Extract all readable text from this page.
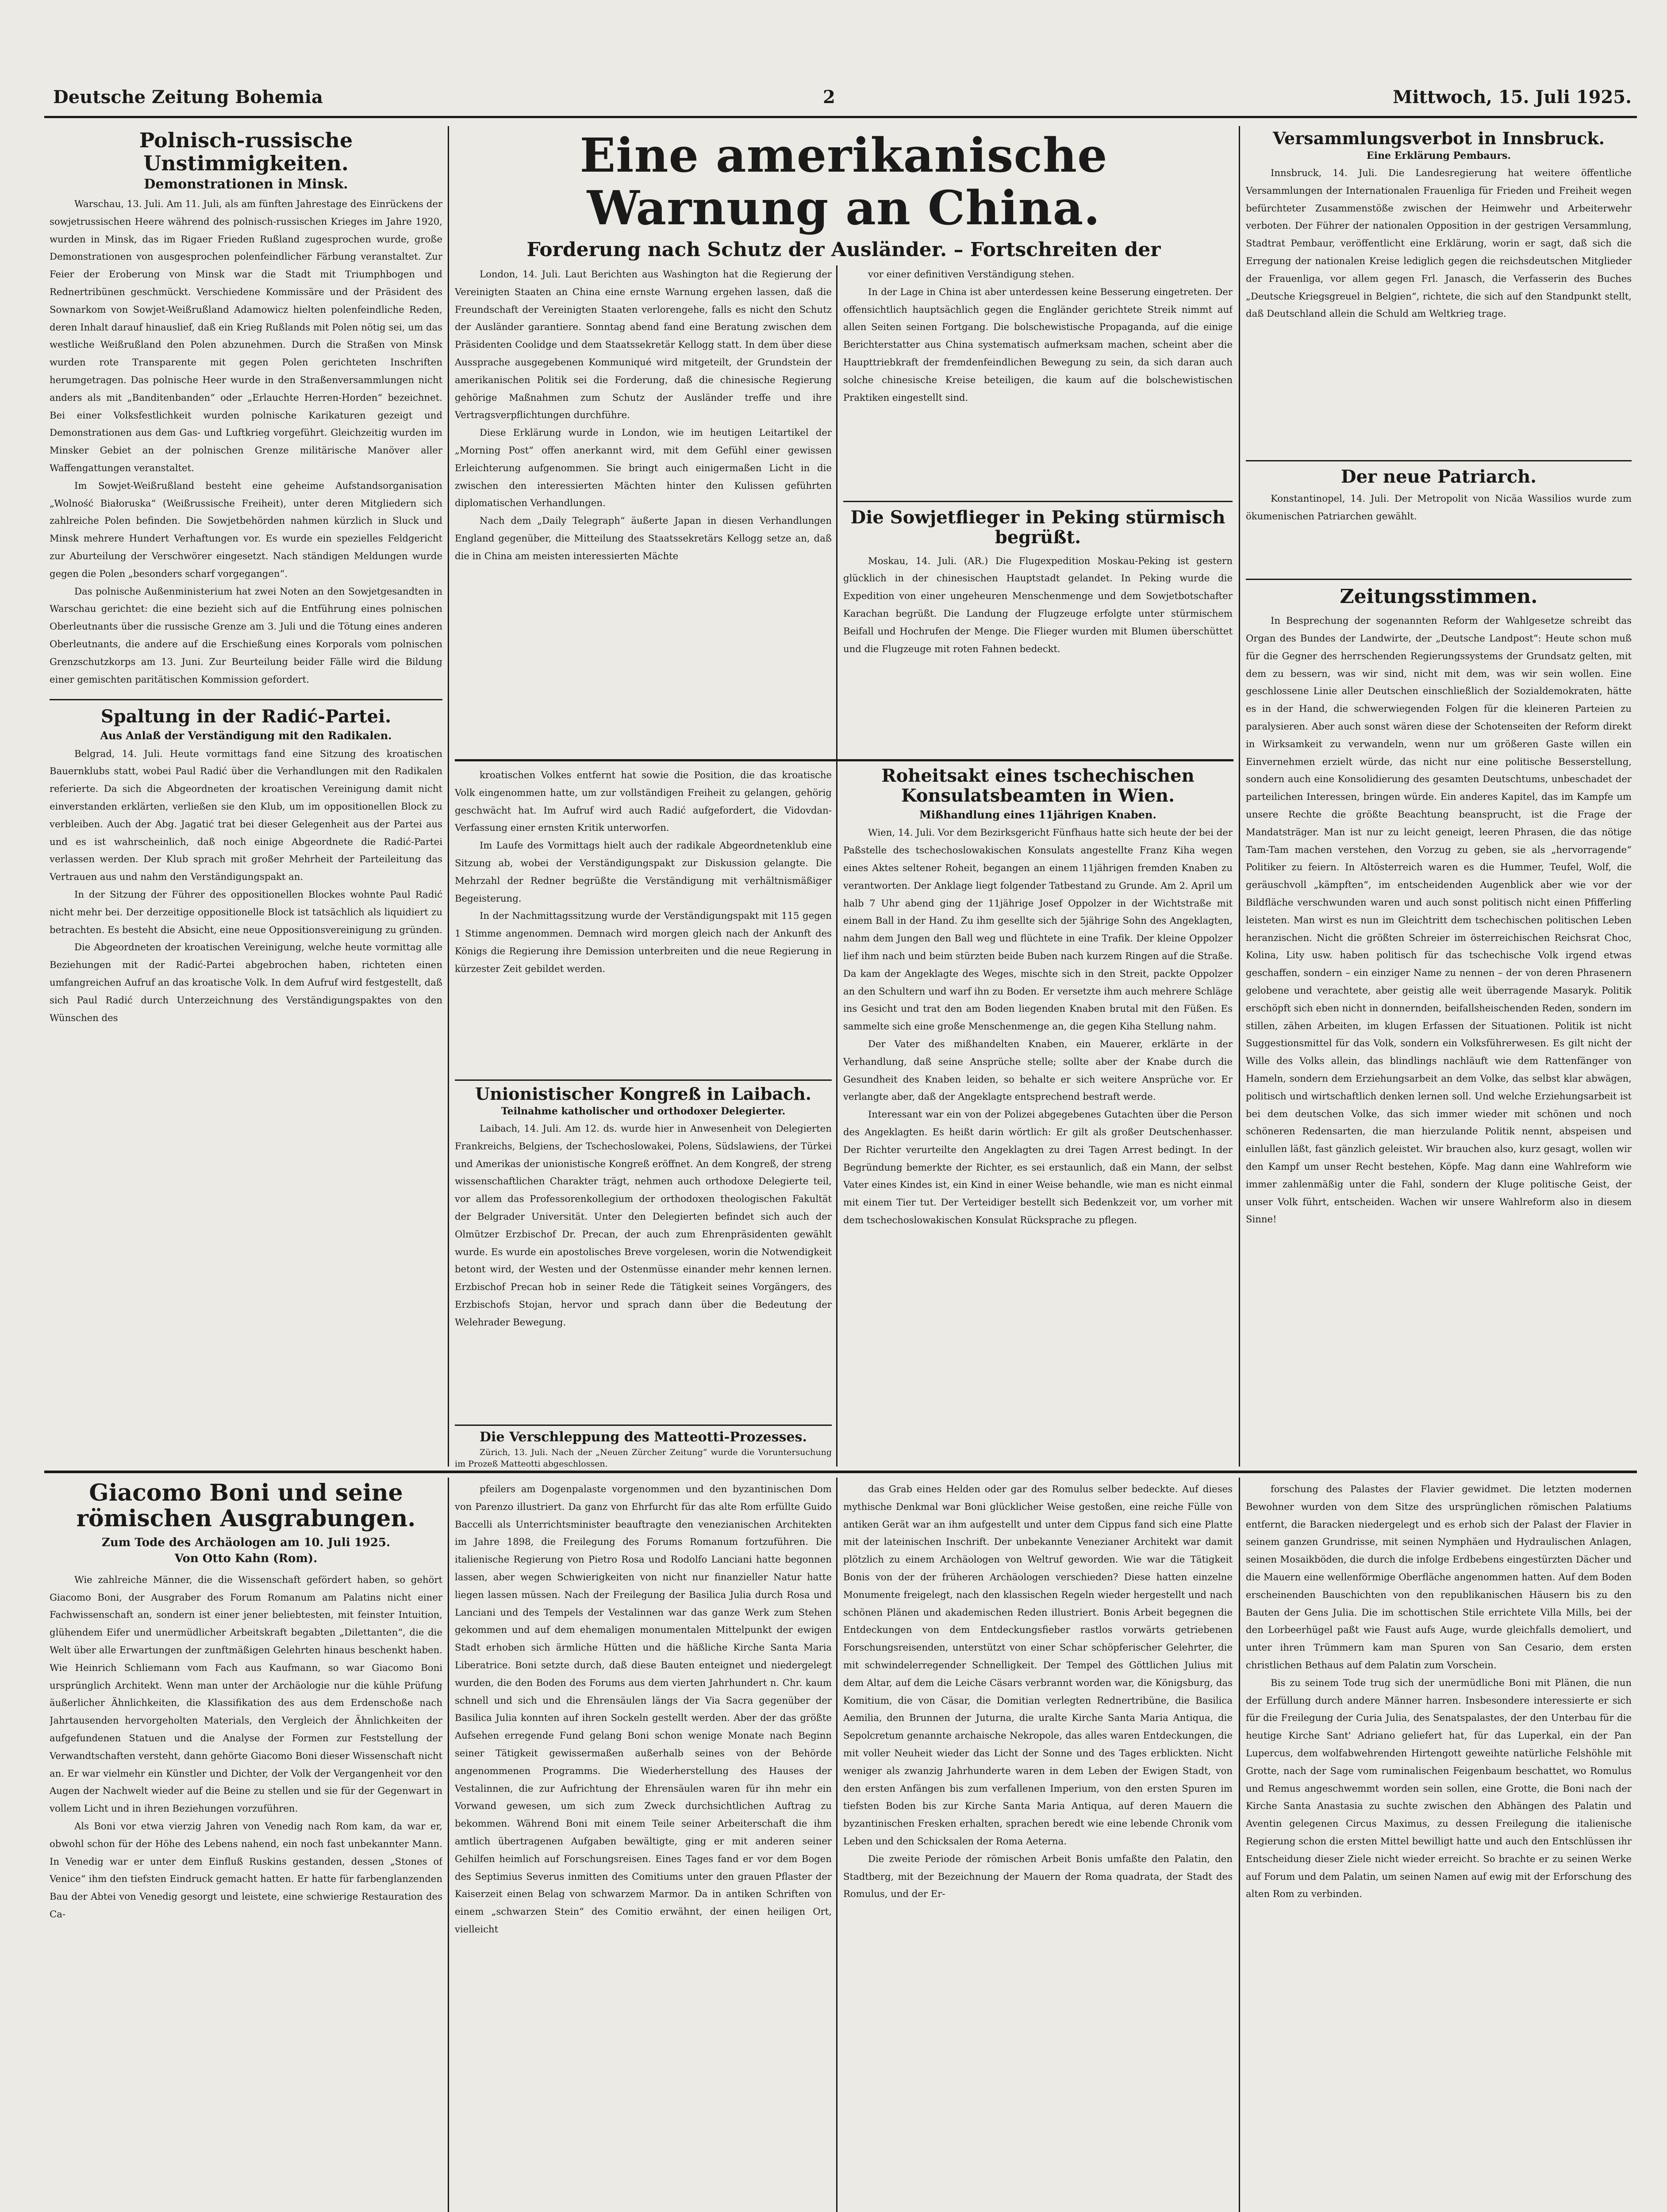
Deutsche Zeitung Bohemia	2	Mittwoch, 15. Juli 1925.
Polnisch-russische Unstimmigkeiten.
Demonstrationen in Minsk.

Warschau, 13. Juli. Am 11. Juli, als am fünften Jahrestage des Einrückens der sowjetrussischen Heere während des polnisch-russischen Krieges im Jahre 1920, wurden in Minsk, das im Rigaer Frieden Rußland zugesprochen wurde, große Demonstrationen von ausgesprochen polenfeindlicher Färbung veranstaltet. Zur Feier der Eroberung von Minsk war die Stadt mit Triumphbogen und Rednertribünen geschmückt. Verschiedene Kommissäre und der Präsident des Sownarkom von Sowjet-Weißrußland Adamowicz hielten polenfeindliche Reden, deren Inhalt darauf hinauslief, daß ein Krieg Rußlands mit Polen nötig sei, um das westliche Weißrußland den Polen abzunehmen. Durch die Straßen von Minsk wurden rote Transparente mit gegen Polen gerichteten Inschriften herumgetragen. Das polnische Heer wurde in den Straßenversammlungen nicht anders als mit „Banditenbanden“ oder „Erlauchte Herren-Horden“ bezeichnet. Bei einer Volksfestlichkeit wurden polnische Karikaturen gezeigt und Demonstrationen aus dem Gas- und Luftkrieg vorgeführt. Gleichzeitig wurden im Minsker Gebiet an der polnischen Grenze militärische Manöver aller Waffengattungen veranstaltet.

Im Sowjet-Weißrußland besteht eine geheime Aufstandsorganisation „Wolność Białoruska“ (Weißrussische Freiheit), unter deren Mitgliedern sich zahlreiche Polen befinden. Die Sowjetbehörden nahmen kürzlich in Sluck und Minsk mehrere Hundert Verhaftungen vor. Es wurde ein spezielles Feldgericht zur Aburteilung der Verschwörer eingesetzt. Nach ständigen Meldungen wurde gegen die Polen „besonders scharf vorgegangen“.

Das polnische Außenministerium hat zwei Noten an den Sowjetgesandten in Warschau gerichtet: die eine bezieht sich auf die Entführung eines polnischen Oberleutnants über die russische Grenze am 3. Juli und die Tötung eines anderen Oberleutnants, die andere auf die Erschießung eines Korporals vom polnischen Grenzschutzkorps am 13. Juni. Zur Beurteilung beider Fälle wird die Bildung einer gemischten paritätischen Kommission gefordert.

Spaltung in der Radić-Partei.
Aus Anlaß der Verständigung mit den Radikalen.

Belgrad, 14. Juli. Heute vormittags fand eine Sitzung des kroatischen Bauernklubs statt, wobei Paul Radić über die Verhandlungen mit den Radikalen referierte. Da sich die Abgeordneten der kroatischen Vereinigung damit nicht einverstanden erklärten, verließen sie den Klub, um im oppositionellen Block zu verbleiben. Auch der Abg. Jagatić trat bei dieser Gelegenheit aus der Partei aus und es ist wahrscheinlich, daß noch einige Abgeordnete die Radić-Partei verlassen werden. Der Klub sprach mit großer Mehrheit der Parteileitung das Vertrauen aus und nahm den Verständigungspakt an.

In der Sitzung der Führer des oppositionellen Blockes wohnte Paul Radić nicht mehr bei. Der derzeitige oppositionelle Block ist tatsächlich als liquidiert zu betrachten. Es besteht die Absicht, eine neue Oppositionsvereinigung zu gründen.

Die Abgeordneten der kroatischen Vereinigung, welche heute vormittag alle Beziehungen mit der Radić-Partei abgebrochen haben, richteten einen umfangreichen Aufruf an das kroatische Volk. In dem Aufruf wird festgestellt, daß sich Paul Radić durch Unterzeichnung des Verständigungspaktes von den Wünschen des

Eine amerikanische Warnung an China.
Forderung nach Schutz der Ausländer. – Fortschreiten der

London, 14. Juli. Laut Berichten aus Washington hat die Regierung der Vereinigten Staaten an China eine ernste Warnung ergehen lassen, daß die Freundschaft der Vereinigten Staaten verlorengehe, falls es nicht den Schutz der Ausländer garantiere. Sonntag abend fand eine Beratung zwischen dem Präsidenten Coolidge und dem Staatssekretär Kellogg statt. In dem über diese Aussprache ausgegebenen Kommuniqué wird mitgeteilt, der Grundstein der amerikanischen Politik sei die Forderung, daß die chinesische Regierung gehörige Maßnahmen zum Schutz der Ausländer treffe und ihre Vertragsverpflichtungen durchführe.

Diese Erklärung wurde in London, wie im heutigen Leitartikel der „Morning Post“ offen anerkannt wird, mit dem Gefühl einer gewissen Erleichterung aufgenommen. Sie bringt auch einigermaßen Licht in die zwischen den interessierten Mächten hinter den Kulissen geführten diplomatischen Verhandlungen.

Nach dem „Daily Telegraph“ äußerte Japan in diesen Verhandlungen England gegenüber, die Mitteilung des Staatssekretärs Kellogg setze an, daß die in China am meisten interessierten Mächte

vor einer definitiven Verständigung stehen.

In der Lage in China ist aber unterdessen keine Besserung eingetreten. Der offensichtlich hauptsächlich gegen die Engländer gerichtete Streik nimmt auf allen Seiten seinen Fortgang. Die bolschewistische Propaganda, auf die einige Berichterstatter aus China systematisch aufmerksam machen, scheint aber die Haupttriebkraft der fremdenfeindlichen Bewegung zu sein, da sich daran auch solche chinesische Kreise beteiligen, die kaum auf die bolschewistischen Praktiken eingestellt sind.

Die Sowjetflieger in Peking stürmisch begrüßt.

Moskau, 14. Juli. (AR.) Die Flugexpedition Moskau-Peking ist gestern glücklich in der chinesischen Hauptstadt gelandet. In Peking wurde die Expedition von einer ungeheuren Menschenmenge und dem Sowjetbotschafter Karachan begrüßt. Die Landung der Flugzeuge erfolgte unter stürmischem Beifall und Hochrufen der Menge. Die Flieger wurden mit Blumen überschüttet und die Flugzeuge mit roten Fahnen bedeckt.

kroatischen Volkes entfernt hat sowie die Position, die das kroatische Volk eingenommen hatte, um zur vollständigen Freiheit zu gelangen, gehörig geschwächt hat. Im Aufruf wird auch Radić aufgefordert, die Vidovdan-Verfassung einer ernsten Kritik unterworfen.

Im Laufe des Vormittags hielt auch der radikale Abgeordnetenklub eine Sitzung ab, wobei der Verständigungspakt zur Diskussion gelangte. Die Mehrzahl der Redner begrüßte die Verständigung mit verhältnismäßiger Begeisterung.

In der Nachmittagssitzung wurde der Verständigungspakt mit 115 gegen 1 Stimme angenommen. Demnach wird morgen gleich nach der Ankunft des Königs die Regierung ihre Demission unterbreiten und die neue Regierung in kürzester Zeit gebildet werden.

Unionistischer Kongreß in Laibach.
Teilnahme katholischer und orthodoxer Delegierter.

Laibach, 14. Juli. Am 12. ds. wurde hier in Anwesenheit von Delegierten Frankreichs, Belgiens, der Tschechoslowakei, Polens, Südslawiens, der Türkei und Amerikas der unionistische Kongreß eröffnet. An dem Kongreß, der streng wissenschaftlichen Charakter trägt, nehmen auch orthodoxe Delegierte teil, vor allem das Professorenkollegium der orthodoxen theologischen Fakultät der Belgrader Universität. Unter den Delegierten befindet sich auch der Olmützer Erzbischof Dr. Precan, der auch zum Ehrenpräsidenten gewählt wurde. Es wurde ein apostolisches Breve vorgelesen, worin die Notwendigkeit betont wird, der Westen und der Ostenmüsse einander mehr kennen lernen. Erzbischof Precan hob in seiner Rede die Tätigkeit seines Vorgängers, des Erzbischofs Stojan, hervor und sprach dann über die Bedeutung der Welehrader Bewegung.

Die Verschleppung des Matteotti-Prozesses.

Zürich, 13. Juli. Nach der „Neuen Zürcher Zeitung“ wurde die Voruntersuchung im Prozeß Matteotti abgeschlossen.

Roheitsakt eines tschechischen Konsulatsbeamten in Wien.
Mißhandlung eines 11jährigen Knaben.

Wien, 14. Juli. Vor dem Bezirksgericht Fünfhaus hatte sich heute der bei der Paßstelle des tschechoslowakischen Konsulats angestellte Franz Kiha wegen eines Aktes seltener Roheit, begangen an einem 11jährigen fremden Knaben zu verantworten. Der Anklage liegt folgender Tatbestand zu Grunde. Am 2. April um halb 7 Uhr abend ging der 11jährige Josef Oppolzer in der Wichtstraße mit einem Ball in der Hand. Zu ihm gesellte sich der 5jährige Sohn des Angeklagten, nahm dem Jungen den Ball weg und flüchtete in eine Trafik. Der kleine Oppolzer lief ihm nach und beim stürzten beide Buben nach kurzem Ringen auf die Straße. Da kam der Angeklagte des Weges, mischte sich in den Streit, packte Oppolzer an den Schultern und warf ihn zu Boden. Er versetzte ihm auch mehrere Schläge ins Gesicht und trat den am Boden liegenden Knaben brutal mit den Füßen. Es sammelte sich eine große Menschenmenge an, die gegen Kiha Stellung nahm.

Der Vater des mißhandelten Knaben, ein Mauerer, erklärte in der Verhandlung, daß seine Ansprüche stelle; sollte aber der Knabe durch die Gesundheit des Knaben leiden, so behalte er sich weitere Ansprüche vor. Er verlangte aber, daß der Angeklagte entsprechend bestraft werde.

Interessant war ein von der Polizei abgegebenes Gutachten über die Person des Angeklagten. Es heißt darin wörtlich: Er gilt als großer Deutschenhasser. Der Richter verurteilte den Angeklagten zu drei Tagen Arrest bedingt. In der Begründung bemerkte der Richter, es sei erstaunlich, daß ein Mann, der selbst Vater eines Kindes ist, ein Kind in einer Weise behandle, wie man es nicht einmal mit einem Tier tut. Der Verteidiger bestellt sich Bedenkzeit vor, um vorher mit dem tschechoslowakischen Konsulat Rücksprache zu pflegen.

Versammlungsverbot in Innsbruck.
Eine Erklärung Pembaurs.

Innsbruck, 14. Juli. Die Landesregierung hat weitere öffentliche Versammlungen der Internationalen Frauenliga für Frieden und Freiheit wegen befürchteter Zusammenstöße zwischen der Heimwehr und Arbeiterwehr verboten. Der Führer der nationalen Opposition in der gestrigen Versammlung, Stadtrat Pembaur, veröffentlicht eine Erklärung, worin er sagt, daß sich die Erregung der nationalen Kreise lediglich gegen die reichsdeutschen Mitglieder der Frauenliga, vor allem gegen Frl. Janasch, die Verfasserin des Buches „Deutsche Kriegsgreuel in Belgien“, richtete, die sich auf den Standpunkt stellt, daß Deutschland allein die Schuld am Weltkrieg trage.

Der neue Patriarch.

Konstantinopel, 14. Juli. Der Metropolit von Nicäa Wassilios wurde zum ökumenischen Patriarchen gewählt.

Zeitungsstimmen.

In Besprechung der sogenannten Reform der Wahlgesetze schreibt das Organ des Bundes der Landwirte, der „Deutsche Landpost“: Heute schon muß für die Gegner des herrschenden Regierungssystems der Grundsatz gelten, mit dem zu bessern, was wir sind, nicht mit dem, was wir sein wollen. Eine geschlossene Linie aller Deutschen einschließlich der Sozialdemokraten, hätte es in der Hand, die schwerwiegenden Folgen für die kleineren Parteien zu paralysieren. Aber auch sonst wären diese der Schotenseiten der Reform direkt in Wirksamkeit zu verwandeln, wenn nur um größeren Gaste willen ein Einvernehmen erzielt würde, das nicht nur eine politische Besserstellung, sondern auch eine Konsolidierung des gesamten Deutschtums, unbeschadet der parteilichen Interessen, bringen würde. Ein anderes Kapitel, das im Kampfe um unsere Rechte die größte Beachtung beansprucht, ist die Frage der Mandatsträger. Man ist nur zu leicht geneigt, leeren Phrasen, die das nötige Tam-Tam machen verstehen, den Vorzug zu geben, sie als „hervorragende“ Politiker zu feiern. In Altösterreich waren es die Hummer, Teufel, Wolf, die geräuschvoll „kämpften“, im entscheidenden Augenblick aber wie vor der Bildfläche verschwunden waren und auch sonst politisch nicht einen Pfifferling leisteten. Man wirst es nun im Gleichtritt dem tschechischen politischen Leben heranzischen. Nicht die größten Schreier im österreichischen Reichsrat Choc, Kolina, Lity usw. haben politisch für das tschechische Volk irgend etwas geschaffen, sondern – ein einziger Name zu nennen – der von deren Phrasenern gelobene und verachtete, aber geistig alle weit überragende Masaryk. Politik erschöpft sich eben nicht in donnernden, beifallsheischenden Reden, sondern im stillen, zähen Arbeiten, im klugen Erfassen der Situationen. Politik ist nicht Suggestionsmittel für das Volk, sondern ein Volksführerwesen. Es gilt nicht der Wille des Volks allein, das blindlings nachläuft wie dem Rattenfänger von Hameln, sondern dem Erziehungsarbeit an dem Volke, das selbst klar abwägen, politisch und wirtschaftlich denken lernen soll. Und welche Erziehungsarbeit ist bei dem deutschen Volke, das sich immer wieder mit schönen und noch schöneren Redensarten, die man hierzulande Politik nennt, abspeisen und einlullen läßt, fast gänzlich geleistet. Wir brauchen also, kurz gesagt, wollen wir den Kampf um unser Recht bestehen, Köpfe. Mag dann eine Wahlreform wie immer zahlenmäßig unter die Fahl, sondern der Kluge politische Geist, der unser Volk führt, entscheiden. Wachen wir unsere Wahlreform also in diesem Sinne!

Giacomo Boni und seine römischen Ausgrabungen.
Zum Tode des Archäologen am 10. Juli 1925.
Von Otto Kahn (Rom).

Wie zahlreiche Männer, die die Wissenschaft gefördert haben, so gehört Giacomo Boni, der Ausgraber des Forum Romanum am Palatins nicht einer Fachwissenschaft an, sondern ist einer jener beliebtesten, mit feinster Intuition, glühendem Eifer und unermüdlicher Arbeitskraft begabten „Dilettanten“, die die Welt über alle Erwartungen der zunftmäßigen Gelehrten hinaus beschenkt haben. Wie Heinrich Schliemann vom Fach aus Kaufmann, so war Giacomo Boni ursprünglich Architekt. Wenn man unter der Archäologie nur die kühle Prüfung äußerlicher Ähnlichkeiten, die Klassifikation des aus dem Erdenschoße nach Jahrtausenden hervorgeholten Materials, den Vergleich der Ähnlichkeiten der aufgefundenen Statuen und die Analyse der Formen zur Feststellung der Verwandtschaften versteht, dann gehörte Giacomo Boni dieser Wissenschaft nicht an. Er war vielmehr ein Künstler und Dichter, der Volk der Vergangenheit vor den Augen der Nachwelt wieder auf die Beine zu stellen und sie für der Gegenwart in vollem Licht und in ihren Beziehungen vorzuführen.

Als Boni vor etwa vierzig Jahren von Venedig nach Rom kam, da war er, obwohl schon für der Höhe des Lebens nahend, ein noch fast unbekannter Mann. In Venedig war er unter dem Einfluß Ruskins gestanden, dessen „Stones of Venice“ ihm den tiefsten Eindruck gemacht hatten. Er hatte für farbenglanzenden Bau der Abtei von Venedig gesorgt und leistete, eine schwierige Restauration des Ca-

pfeilers am Dogenpalaste vorgenommen und den byzantinischen Dom von Parenzo illustriert. Da ganz von Ehrfurcht für das alte Rom erfüllte Guido Baccelli als Unterrichtsminister beauftragte den venezianischen Architekten im Jahre 1898, die Freilegung des Forums Romanum fortzuführen. Die italienische Regierung von Pietro Rosa und Rodolfo Lanciani hatte begonnen lassen, aber wegen Schwierigkeiten von nicht nur finanzieller Natur hatte liegen lassen müssen. Nach der Freilegung der Basilica Julia durch Rosa und Lanciani und des Tempels der Vestalinnen war das ganze Werk zum Stehen gekommen und auf dem ehemaligen monumentalen Mittelpunkt der ewigen Stadt erhoben sich ärmliche Hütten und die häßliche Kirche Santa Maria Liberatrice. Boni setzte durch, daß diese Bauten enteignet und niedergelegt wurden, die den Boden des Forums aus dem vierten Jahrhundert n. Chr. kaum schnell und sich und die Ehrensäulen längs der Via Sacra gegenüber der Basilica Julia konnten auf ihren Sockeln gestellt werden. Aber der das größte Aufsehen erregende Fund gelang Boni schon wenige Monate nach Beginn seiner Tätigkeit gewissermaßen außerhalb seines von der Behörde angenommenen Programms. Die Wiederherstellung des Hauses der Vestalinnen, die zur Aufrichtung der Ehrensäulen waren für ihn mehr ein Vorwand gewesen, um sich zum Zweck durchsichtlichen Auftrag zu bekommen. Während Boni mit einem Teile seiner Arbeiterschaft die ihm amtlich übertragenen Aufgaben bewältigte, ging er mit anderen seiner Gehilfen heimlich auf Forschungsreisen. Eines Tages fand er vor dem Bogen des Septimius Severus inmitten des Comitiums unter den grauen Pflaster der Kaiserzeit einen Belag von schwarzem Marmor. Da in antiken Schriften von einem „schwarzen Stein“ des Comitio erwähnt, der einen heiligen Ort, vielleicht

das Grab eines Helden oder gar des Romulus selber bedeckte. Auf dieses mythische Denkmal war Boni glücklicher Weise gestoßen, eine reiche Fülle von antiken Gerät war an ihm aufgestellt und unter dem Cippus fand sich eine Platte mit der lateinischen Inschrift. Der unbekannte Venezianer Architekt war damit plötzlich zu einem Archäologen von Weltruf geworden. Wie war die Tätigkeit Bonis von der der früheren Archäologen verschieden? Diese hatten einzelne Monumente freigelegt, nach den klassischen Regeln wieder hergestellt und nach schönen Plänen und akademischen Reden illustriert. Bonis Arbeit begegnen die Entdeckungen von dem Entdeckungsfieber rastlos vorwärts getriebenen Forschungsreisenden, unterstützt von einer Schar schöpferischer Gelehrter, die mit schwindelerregender Schnelligkeit. Der Tempel des Göttlichen Julius mit dem Altar, auf dem die Leiche Cäsars verbrannt worden war, die Königsburg, das Komitium, die von Cäsar, die Domitian verlegten Rednertribüne, die Basilica Aemilia, den Brunnen der Juturna, die uralte Kirche Santa Maria Antiqua, die Sepolcretum genannte archaische Nekropole, das alles waren Entdeckungen, die mit voller Neuheit wieder das Licht der Sonne und des Tages erblickten. Nicht weniger als zwanzig Jahrhunderte waren in dem Leben der Ewigen Stadt, von den ersten Anfängen bis zum verfallenen Imperium, von den ersten Spuren im tiefsten Boden bis zur Kirche Santa Maria Antiqua, auf deren Mauern die byzantinischen Fresken erhalten, sprachen beredt wie eine lebende Chronik vom Leben und den Schicksalen der Roma Aeterna.

Die zweite Periode der römischen Arbeit Bonis umfaßte den Palatin, den Stadtberg, mit der Bezeichnung der Mauern der Roma quadrata, der Stadt des Romulus, und der Er-

forschung des Palastes der Flavier gewidmet. Die letzten modernen Bewohner wurden von dem Sitze des ursprünglichen römischen Palatiums entfernt, die Baracken niedergelegt und es erhob sich der Palast der Flavier in seinem ganzen Grundrisse, mit seinen Nymphäen und Hydraulischen Anlagen, seinen Mosaikböden, die durch die infolge Erdbebens eingestürzten Dächer und die Mauern eine wellenförmige Oberfläche angenommen hatten. Auf dem Boden erscheinenden Bauschichten von den republikanischen Häusern bis zu den Bauten der Gens Julia. Die im schottischen Stile errichtete Villa Mills, bei der den Lorbeerhügel paßt wie Faust aufs Auge, wurde gleichfalls demoliert, und unter ihren Trümmern kam man Spuren von San Cesario, dem ersten christlichen Bethaus auf dem Palatin zum Vorschein.

Bis zu seinem Tode trug sich der unermüdliche Boni mit Plänen, die nun der Erfüllung durch andere Männer harren. Insbesondere interessierte er sich für die Freilegung der Curia Julia, des Senatspalastes, der den Unterbau für die heutige Kirche Sant' Adriano geliefert hat, für das Luperkal, ein der Pan Lupercus, dem wolfabwehrenden Hirtengott geweihte natürliche Felshöhle mit Grotte, nach der Sage vom ruminalischen Feigenbaum beschattet, wo Romulus und Remus angeschwemmt worden sein sollen, eine Grotte, die Boni nach der Kirche Santa Anastasia zu suchte zwischen den Abhängen des Palatin und Aventin gelegenen Circus Maximus, zu dessen Freilegung die italienische Regierung schon die ersten Mittel bewilligt hatte und auch den Entschlüssen ihr Entscheidung dieser Ziele nicht wieder erreicht. So brachte er zu seinen Werke auf Forum und dem Palatin, um seinen Namen auf ewig mit der Erforschung des alten Rom zu verbinden.
